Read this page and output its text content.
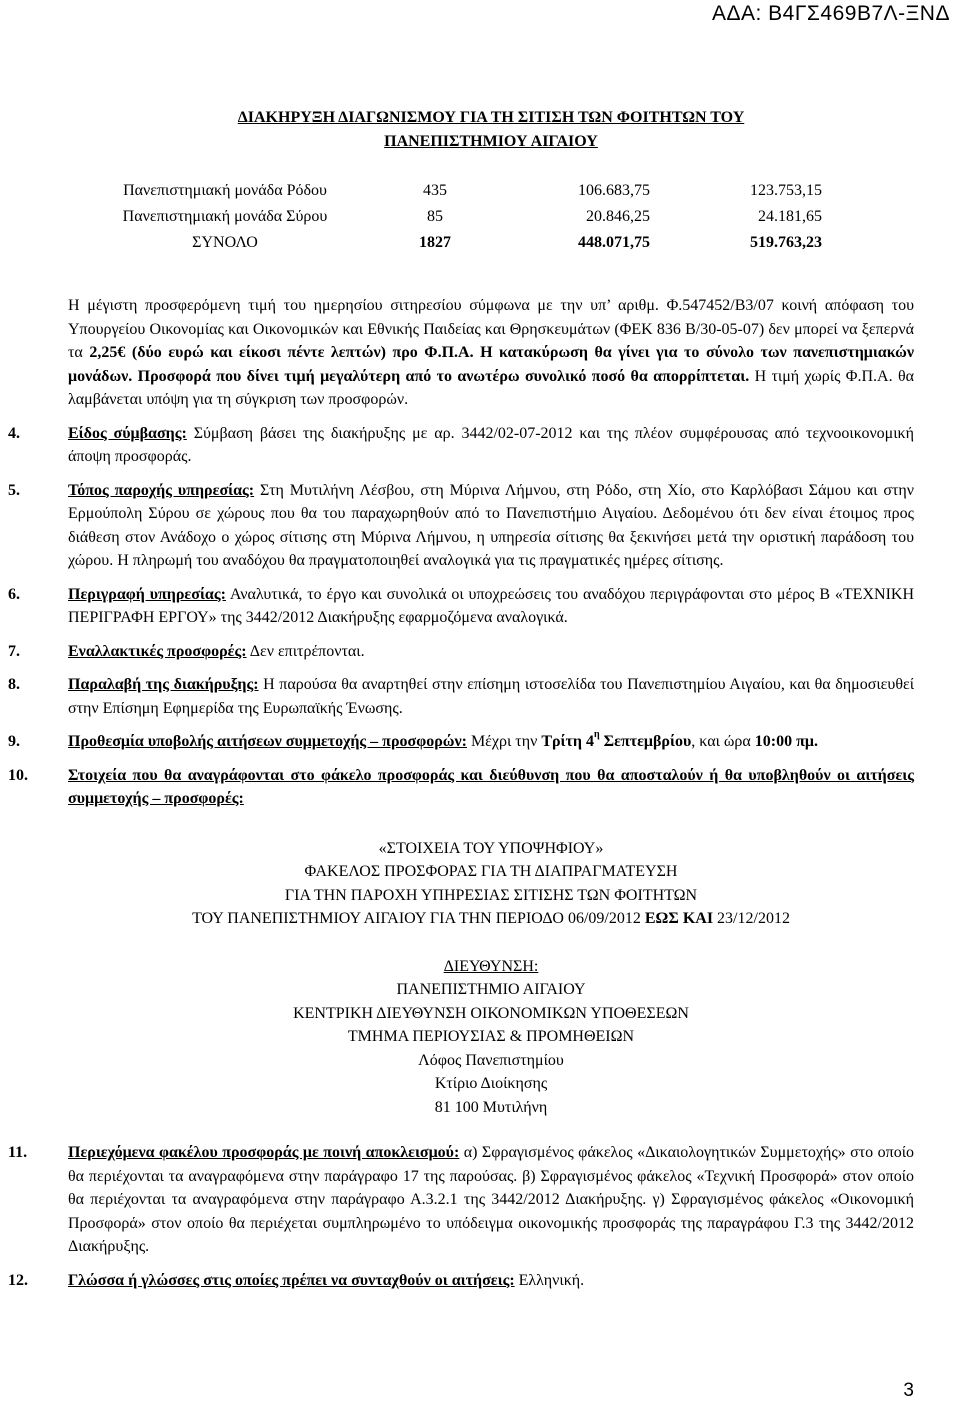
ΑΔΑ: Β4ΓΣ469Β7Λ-ΞΝΔ
ΔΙΑΚΗΡΥΞΗ ΔΙΑΓΩΝΙΣΜΟΥ ΓΙΑ ΤΗ ΣΙΤΙΣΗ ΤΩΝ ΦΟΙΤΗΤΩΝ ΤΟΥ
ΠΑΝΕΠΙΣΤΗΜΙΟΥ ΑΙΓΑΙΟΥ
Πανεπιστημιακή μονάδα Ρόδου	435	106.683,75	123.753,15
Πανεπιστημιακή μονάδα Σύρου	85	20.846,25	24.181,65
ΣΥΝΟΛΟ	1827	448.071,75	519.763,23

Η μέγιστη προσφερόμενη τιμή του ημερησίου σιτηρεσίου σύμφωνα με την υπ’ αριθμ. Φ.547452/Β3/07 κοινή απόφαση του Υπουργείου Οικονομίας και Οικονομικών και Εθνικής Παιδείας και Θρησκευμάτων (ΦΕΚ 836 Β/30-05-07) δεν μπορεί να ξεπερνά τα 2,25€ (δύο ευρώ και είκοσι πέντε λεπτών) προ Φ.Π.Α. Η κατακύρωση θα γίνει για το σύνολο των πανεπιστημιακών μονάδων. Προσφορά που δίνει τιμή μεγαλύτερη από το ανωτέρω συνολικό ποσό θα απορρίπτεται. Η τιμή χωρίς Φ.Π.Α. θα λαμβάνεται υπόψη για τη σύγκριση των προσφορών.

4.	Είδος σύμβασης: Σύμβαση βάσει της διακήρυξης με αρ. 3442/02-07-2012 και της πλέον συμφέρουσας από τεχνοοικονομική άποψη προσφοράς.

5.	Τόπος παροχής υπηρεσίας: Στη Μυτιλήνη Λέσβου, στη Μύρινα Λήμνου, στη Ρόδο, στη Χίο, στο Καρλόβασι Σάμου και στην Ερμούπολη Σύρου σε χώρους που θα του παραχωρηθούν από το Πανεπιστήμιο Αιγαίου. Δεδομένου ότι δεν είναι έτοιμος προς διάθεση στον Ανάδοχο ο χώρος σίτισης στη Μύρινα Λήμνου, η υπηρεσία σίτισης θα ξεκινήσει μετά την οριστική παράδοση του χώρου. Η πληρωμή του αναδόχου θα πραγματοποιηθεί αναλογικά για τις πραγματικές ημέρες σίτισης.

6.	Περιγραφή υπηρεσίας: Αναλυτικά, το έργο και συνολικά οι υποχρεώσεις του αναδόχου περιγράφονται στο μέρος Β «ΤΕΧΝΙΚΗ ΠΕΡΙΓΡΑΦΗ ΕΡΓΟΥ» της 3442/2012 Διακήρυξης εφαρμοζόμενα αναλογικά.

7.	Εναλλακτικές προσφορές: Δεν επιτρέπονται.

8.	Παραλαβή της διακήρυξης: Η παρούσα θα αναρτηθεί στην επίσημη ιστοσελίδα του Πανεπιστημίου Αιγαίου, και θα δημοσιευθεί στην Επίσημη Εφημερίδα της Ευρωπαϊκής Ένωσης.

9.	Προθεσμία υποβολής αιτήσεων συμμετοχής – προσφορών: Μέχρι την Τρίτη $4^\eta$ Σεπτεμβρίου, και ώρα 10:00 πμ.

10.	Στοιχεία που θα αναγράφονται στο φάκελο προσφοράς και διεύθυνση που θα αποσταλούν ή θα υποβληθούν οι αιτήσεις συμμετοχής – προσφορές:

«ΣΤΟΙΧΕΙΑ ΤΟΥ ΥΠΟΨΗΦΙΟΥ»
ΦΑΚΕΛΟΣ ΠΡΟΣΦΟΡΑΣ ΓΙΑ ΤΗ ΔΙΑΠΡΑΓΜΑΤΕΥΣΗ
ΓΙΑ ΤΗΝ ΠΑΡΟΧΗ ΥΠΗΡΕΣΙΑΣ ΣΙΤΙΣΗΣ ΤΩΝ ΦΟΙΤΗΤΩΝ
ΤΟΥ ΠΑΝΕΠΙΣΤΗΜΙΟΥ ΑΙΓΑΙΟΥ ΓΙΑ ΤΗΝ ΠΕΡΙΟΔΟ 06/09/2012 ΕΩΣ ΚΑΙ 23/12/2012
ΔΙΕΥΘΥΝΣΗ:
ΠΑΝΕΠΙΣΤΗΜΙΟ ΑΙΓΑΙΟΥ
ΚΕΝΤΡΙΚΗ ΔΙΕΥΘΥΝΣΗ ΟΙΚΟΝΟΜΙΚΩΝ ΥΠΟΘΕΣΕΩΝ
ΤΜΗΜΑ ΠΕΡΙΟΥΣΙΑΣ & ΠΡΟΜΗΘΕΙΩΝ
Λόφος Πανεπιστημίου
Κτίριο Διοίκησης
81 100 Μυτιλήνη

11.	Περιεχόμενα φακέλου προσφοράς με ποινή αποκλεισμού: α) Σφραγισμένος φάκελος «Δικαιολογητικών Συμμετοχής» στο οποίο θα περιέχονται τα αναγραφόμενα στην παράγραφο 17 της παρούσας. β) Σφραγισμένος φάκελος «Τεχνική Προσφορά» στον οποίο θα περιέχονται τα αναγραφόμενα στην παράγραφο Α.3.2.1 της 3442/2012 Διακήρυξης. γ) Σφραγισμένος φάκελος «Οικονομική Προσφορά» στον οποίο θα περιέχεται συμπληρωμένο το υπόδειγμα οικονομικής προσφοράς της παραγράφου Γ.3 της 3442/2012 Διακήρυξης.

12.	Γλώσσα ή γλώσσες στις οποίες πρέπει να συνταχθούν οι αιτήσεις: Ελληνική.

3
